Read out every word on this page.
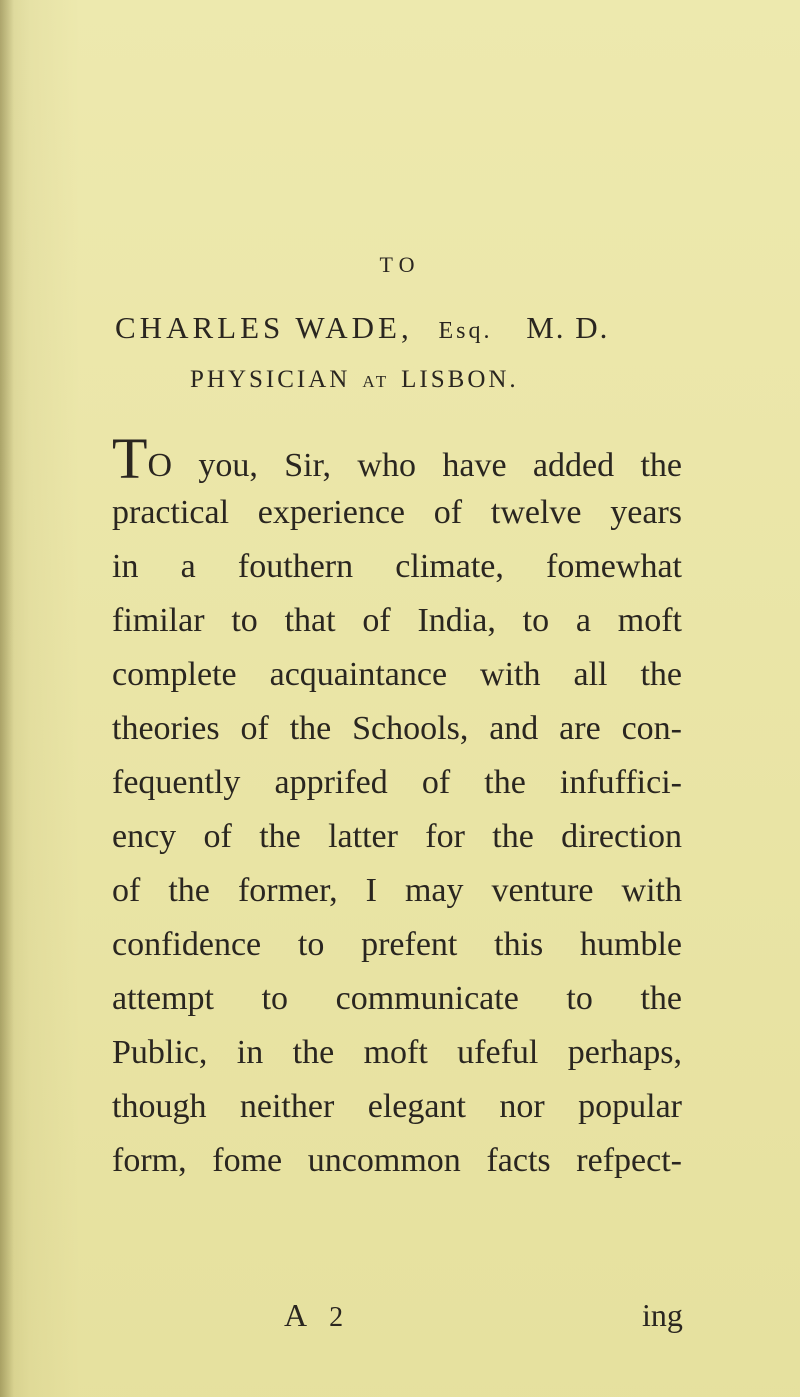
TO
CHARLES WADE, Esq. M. D.
PHYSICIAN AT LISBON.
TO you, Sir, who have added the
practical experience of twelve years
in a fouthern climate, fomewhat
fimilar to that of India, to a moft
complete acquaintance with all the
theories of the Schools, and are con-
fequently apprifed of the infuffici-
ency of the latter for the direction
of the former, I may venture with
confidence to prefent this humble
attempt to communicate to the
Public, in the moft ufeful perhaps,
though neither elegant nor popular
form, fome uncommon facts refpect-
A 2	ing
